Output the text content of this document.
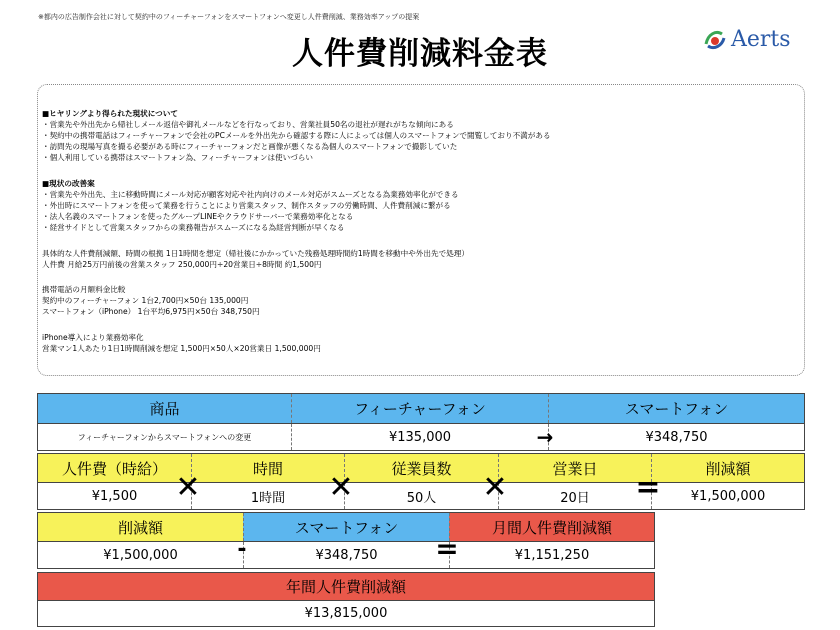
※都内の広告制作会社に対して契約中のフィーチャーフォンをスマートフォンへ変更し人件費削減、業務効率アップの提案
人件費削減料金表	Aerts
■ヒヤリングより得られた現状について
・営業先や外出先から帰社しメール返信や御礼メールなどを行なっており、営業社員50名の退社が遅れがちな傾向にある
・契約中の携帯電話はフィーチャーフォンで会社のPCメールを外出先から確認する際に人によっては個人のスマートフォンで閲覧しており不満がある
・訪問先の現場写真を撮る必要がある時にフィーチャーフォンだと画像が悪くなる為個人のスマートフォンで撮影していた
・個人利用している携帯はスマートフォン為、フィーチャーフォンは使いづらい
■現状の改善案
・営業先や外出先、主に移動時間にメール対応が顧客対応や社内向けのメール対応がスムーズとなる為業務効率化ができる
・外出時にスマートフォンを使って業務を行うことにより営業スタッフ、制作スタッフの労働時間、人件費削減に繋がる
・法人名義のスマートフォンを使ったグループLINEやクラウドサーバーで業務効率化となる
・経営サイドとして営業スタッフからの業務報告がスムーズになる為経営判断が早くなる
具体的な人件費削減額、時間の根拠 1日1時間を想定（帰社後にかかっていた残務処理時間約1時間を移動中や外出先で処理）
人件費 月給25万円前後の営業スタッフ 250,000円÷20営業日÷8時間 約1,500円
携帯電話の月額料金比較
契約中のフィーチャーフォン 1台2,700円×50台 135,000円
スマートフォン（iPhone） 1台平均6,975円×50台 348,750円
iPhone導入により業務効率化
営業マン1人あたり1日1時間削減を想定 1,500円×50人×20営業日 1,500,000円
商品	フィーチャーフォン	スマートフォン
フィーチャーフォンからスマートフォンへの変更	¥135,000	¥348,750
→
人件費（時給）	時間	従業員数	営業日	削減額
¥1,500	1時間	50人	20日	¥1,500,000
✕	✕	✕	=
削減額	スマートフォン	月間人件費削減額
¥1,500,000	¥348,750	¥1,151,250
-	=
年間人件費削減額
¥13,815,000
